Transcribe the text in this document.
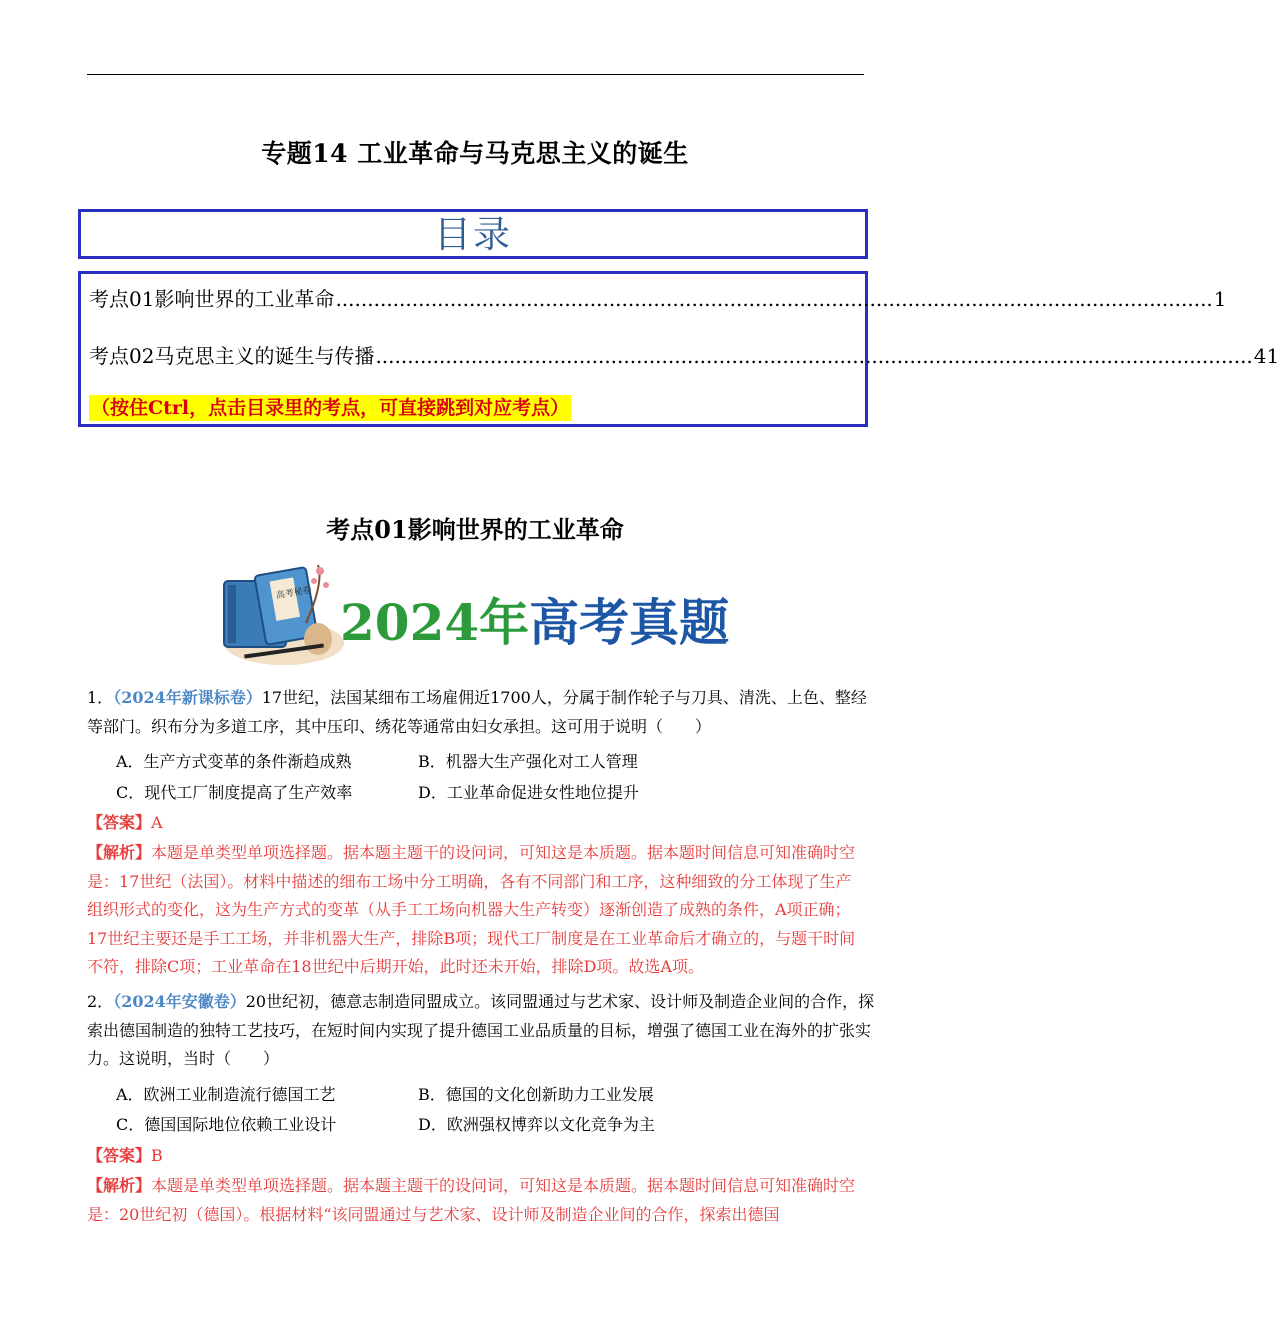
专题14 工业革命与马克思主义的诞生
目录
考点01影响世界的工业革命 .......................................................................................................................................... 1
考点02马克思主义的诞生与传播 .......................................................................................................................................... 41
（按住Ctrl，点击目录里的考点，可直接跳到对应考点）
考点01影响世界的工业革命
高考秘卷 2024年高考真题
1．（2024年新课标卷）17世纪，法国某细布工场雇佣近1700人，分属于制作轮子与刀具、清洗、上色、整经等部门。织布分为多道工序，其中压印、绣花等通常由妇女承担。这可用于说明（　　）
A．生产方式变革的条件渐趋成熟	B．机器大生产强化对工人管理
C．现代工厂制度提高了生产效率	D．工业革命促进女性地位提升
【答案】A
【解析】本题是单类型单项选择题。据本题主题干的设问词，可知这是本质题。据本题时间信息可知准确时空是：17世纪（法国）。材料中描述的细布工场中分工明确，各有不同部门和工序，这种细致的分工体现了生产组织形式的变化，这为生产方式的变革（从手工工场向机器大生产转变）逐渐创造了成熟的条件，A项正确；17世纪主要还是手工工场，并非机器大生产，排除B项；现代工厂制度是在工业革命后才确立的，与题干时间不符，排除C项；工业革命在18世纪中后期开始，此时还未开始，排除D项。故选A项。
2．（2024年安徽卷）20世纪初，德意志制造同盟成立。该同盟通过与艺术家、设计师及制造企业间的合作，探索出德国制造的独特工艺技巧，在短时间内实现了提升德国工业品质量的目标，增强了德国工业在海外的扩张实力。这说明，当时（　　）
A．欧洲工业制造流行德国工艺	B．德国的文化创新助力工业发展
C．德国国际地位依赖工业设计	D．欧洲强权博弈以文化竞争为主
【答案】B
【解析】本题是单类型单项选择题。据本题主题干的设问词，可知这是本质题。据本题时间信息可知准确时空是：20世纪初（德国）。根据材料“该同盟通过与艺术家、设计师及制造企业间的合作，探索出德国
